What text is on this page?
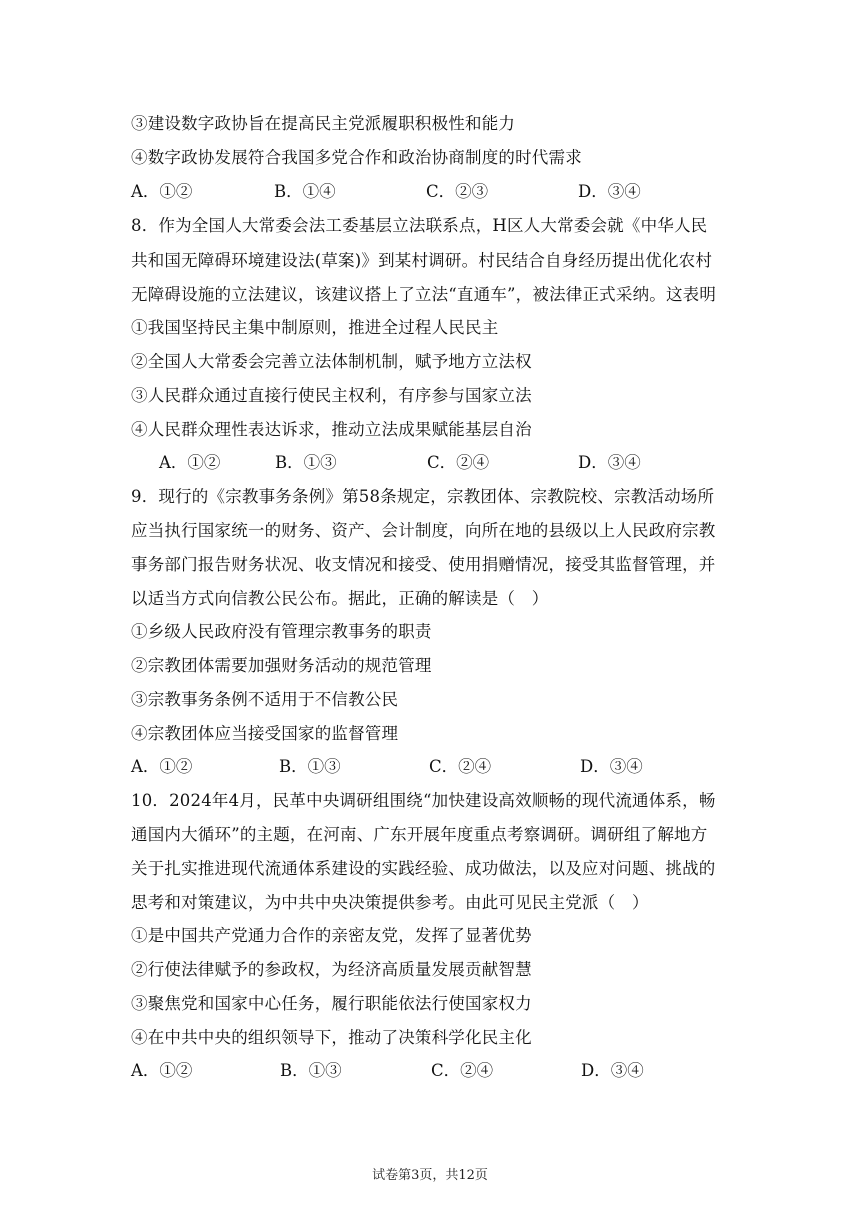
③建设数字政协旨在提高民主党派履职积极性和能力
④数字政协发展符合我国多党合作和政治协商制度的时代需求
A．①②	B．①④	C．②③	D．③④
8．作为全国人大常委会法工委基层立法联系点，H区人大常委会就《中华人民
共和国无障碍环境建设法(草案)》到某村调研。村民结合自身经历提出优化农村
无障碍设施的立法建议，该建议搭上了立法“直通车”，被法律正式采纳。这表明
①我国坚持民主集中制原则，推进全过程人民民主
②全国人大常委会完善立法体制机制，赋予地方立法权
③人民群众通过直接行使民主权利，有序参与国家立法
④人民群众理性表达诉求，推动立法成果赋能基层自治
A．①②	B．①③	C．②④	D．③④
9．现行的《宗教事务条例》第58条规定，宗教团体、宗教院校、宗教活动场所
应当执行国家统一的财务、资产、会计制度，向所在地的县级以上人民政府宗教
事务部门报告财务状况、收支情况和接受、使用捐赠情况，接受其监督管理，并
以适当方式向信教公民公布。据此，正确的解读是（　）
①乡级人民政府没有管理宗教事务的职责
②宗教团体需要加强财务活动的规范管理
③宗教事务条例不适用于不信教公民
④宗教团体应当接受国家的监督管理
A．①②	B．①③	C．②④	D．③④
10．2024年4月，民革中央调研组围绕“加快建设高效顺畅的现代流通体系，畅
通国内大循环”的主题，在河南、广东开展年度重点考察调研。调研组了解地方
关于扎实推进现代流通体系建设的实践经验、成功做法，以及应对问题、挑战的
思考和对策建议，为中共中央决策提供参考。由此可见民主党派（　）
①是中国共产党通力合作的亲密友党，发挥了显著优势
②行使法律赋予的参政权，为经济高质量发展贡献智慧
③聚焦党和国家中心任务，履行职能依法行使国家权力
④在中共中央的组织领导下，推动了决策科学化民主化
A．①②	B．①③	C．②④	D．③④
试卷第3页，共12页
